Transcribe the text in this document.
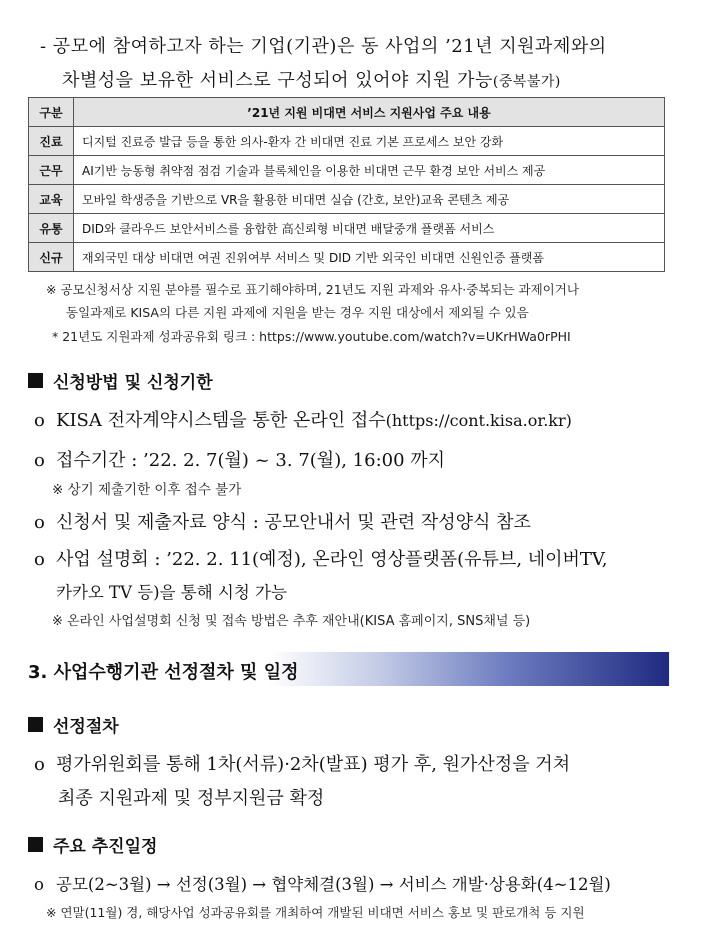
- 공모에 참여하고자 하는 기업(기관)은 동 사업의 ’21년 지원과제와의
차별성을 보유한 서비스로 구성되어 있어야 지원 가능(중복불가)
구분	’21년 지원 비대면 서비스 지원사업 주요 내용
진료	디지털 진료증 발급 등을 통한 의사-환자 간 비대면 진료 기본 프로세스 보안 강화
근무	AI기반 능동형 취약점 점검 기술과 블록체인을 이용한 비대면 근무 환경 보안 서비스 제공
교육	모바일 학생증을 기반으로 VR을 활용한 비대면 실습 (간호, 보안)교육 콘텐츠 제공
유통	DID와 클라우드 보안서비스를 융합한 高신뢰형 비대면 배달중개 플랫폼 서비스
신규	재외국민 대상 비대면 여권 진위여부 서비스 및 DID 기반 외국인 비대면 신원인증 플랫폼
※ 공모신청서상 지원 분야를 필수로 표기해야하며, 21년도 지원 과제와 유사·중복되는 과제이거나
동일과제로 KISA의 다른 지원 과제에 지원을 받는 경우 지원 대상에서 제외될 수 있음
* 21년도 지원과제 성과공유회 링크 : https://www.youtube.com/watch?v=UKrHWa0rPHI
신청방법 및 신청기한
o KISA 전자계약시스템을 통한 온라인 접수(https://cont.kisa.or.kr)
o 접수기간 : ’22. 2. 7(월) ~ 3. 7(월), 16:00 까지
※ 상기 제출기한 이후 접수 불가
o 신청서 및 제출자료 양식 : 공모안내서 및 관련 작성양식 참조
o 사업 설명회 : ’22. 2. 11(예정), 온라인 영상플랫폼(유튜브, 네이버TV,
카카오 TV 등)을 통해 시청 가능
※ 온라인 사업설명회 신청 및 접속 방법은 추후 재안내(KISA 홈페이지, SNS채널 등)
3. 사업수행기관 선정절차 및 일정
선정절차
o 평가위원회를 통해 1차(서류)·2차(발표) 평가 후, 원가산정을 거쳐
최종 지원과제 및 정부지원금 확정
주요 추진일정
o 공모(2~3월) → 선정(3월) → 협약체결(3월) → 서비스 개발·상용화(4~12월)
※ 연말(11월) 경, 해당사업 성과공유회를 개최하여 개발된 비대면 서비스 홍보 및 판로개척 등 지원
